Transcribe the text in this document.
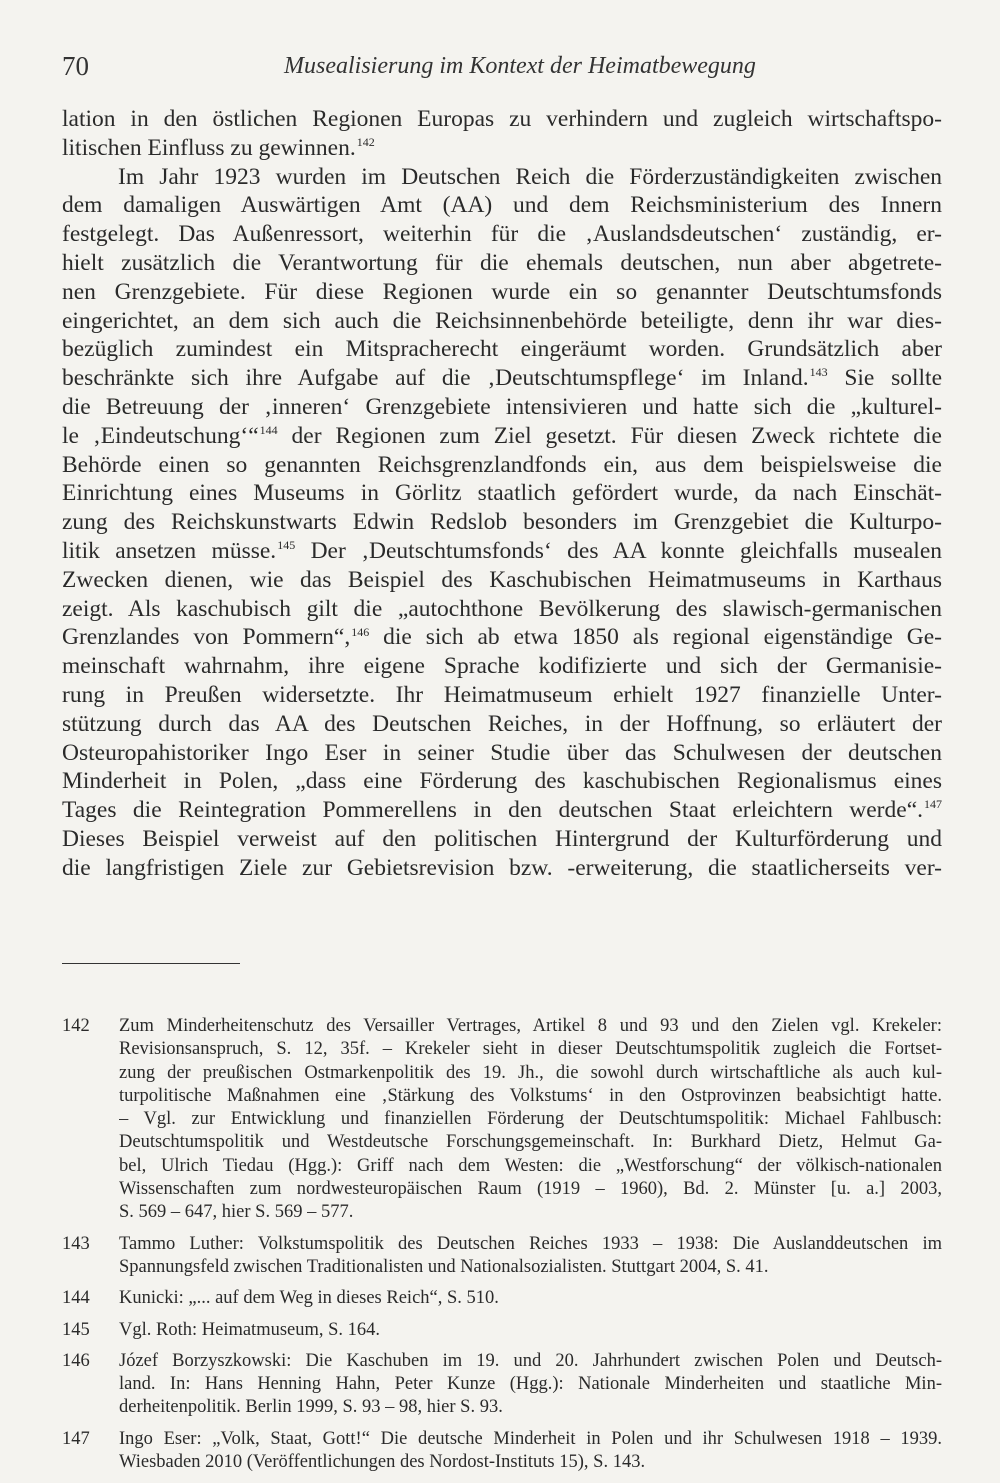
70	Musealisierung im Kontext der Heimatbewegung
lation in den östlichen Regionen Europas zu verhindern und zugleich wirtschaftspo-
litischen Einfluss zu gewinnen.$^{142}$
Im Jahr 1923 wurden im Deutschen Reich die Förderzuständigkeiten zwischen
dem damaligen Auswärtigen Amt (AA) und dem Reichsministerium des Innern
festgelegt. Das Außenressort, weiterhin für die ‚Auslandsdeutschen‘ zuständig, er-
hielt zusätzlich die Verantwortung für die ehemals deutschen, nun aber abgetrete-
nen Grenzgebiete. Für diese Regionen wurde ein so genannter Deutschtumsfonds
eingerichtet, an dem sich auch die Reichsinnenbehörde beteiligte, denn ihr war dies-
bezüglich zumindest ein Mitspracherecht eingeräumt worden. Grundsätzlich aber
beschränkte sich ihre Aufgabe auf die ‚Deutschtumspflege‘ im Inland.$^{143}$ Sie sollte
die Betreuung der ‚inneren‘ Grenzgebiete intensivieren und hatte sich die „kulturel-
le ‚Eindeutschung‘“$^{144}$ der Regionen zum Ziel gesetzt. Für diesen Zweck richtete die
Behörde einen so genannten Reichsgrenzlandfonds ein, aus dem beispielsweise die
Einrichtung eines Museums in Görlitz staatlich gefördert wurde, da nach Einschät-
zung des Reichskunstwarts Edwin Redslob besonders im Grenzgebiet die Kulturpo-
litik ansetzen müsse.$^{145}$ Der ‚Deutschtumsfonds‘ des AA konnte gleichfalls musealen
Zwecken dienen, wie das Beispiel des Kaschubischen Heimatmuseums in Karthaus
zeigt. Als kaschubisch gilt die „autochthone Bevölkerung des slawisch-germanischen
Grenzlandes von Pommern“,$^{146}$ die sich ab etwa 1850 als regional eigenständige Ge-
meinschaft wahrnahm, ihre eigene Sprache kodifizierte und sich der Germanisie-
rung in Preußen widersetzte. Ihr Heimatmuseum erhielt 1927 finanzielle Unter-
stützung durch das AA des Deutschen Reiches, in der Hoffnung, so erläutert der
Osteuropahistoriker Ingo Eser in seiner Studie über das Schulwesen der deutschen
Minderheit in Polen, „dass eine Förderung des kaschubischen Regionalismus eines
Tages die Reintegration Pommerellens in den deutschen Staat erleichtern werde“.$^{147}$
Dieses Beispiel verweist auf den politischen Hintergrund der Kulturförderung und
die langfristigen Ziele zur Gebietsrevision bzw. -erweiterung, die staatlicherseits ver-
142	Zum Minderheitenschutz des Versailler Vertrages, Artikel 8 und 93 und den Zielen vgl. Krekeler:
Revisionsanspruch, S. 12, 35f. – Krekeler sieht in dieser Deutschtumspolitik zugleich die Fortset-
zung der preußischen Ostmarkenpolitik des 19. Jh., die sowohl durch wirtschaftliche als auch kul-
turpolitische Maßnahmen eine ‚Stärkung des Volkstums‘ in den Ostprovinzen beabsichtigt hatte.
– Vgl. zur Entwicklung und finanziellen Förderung der Deutschtumspolitik: Michael Fahlbusch:
Deutschtumspolitik und Westdeutsche Forschungsgemeinschaft. In: Burkhard Dietz, Helmut Ga-
bel, Ulrich Tiedau (Hgg.): Griff nach dem Westen: die „Westforschung“ der völkisch-nationalen
Wissenschaften zum nordwesteuropäischen Raum (1919 – 1960), Bd. 2. Münster [u. a.] 2003,
S. 569 – 647, hier S. 569 – 577.
143	Tammo Luther: Volkstumspolitik des Deutschen Reiches 1933 – 1938: Die Auslanddeutschen im
Spannungsfeld zwischen Traditionalisten und Nationalsozialisten. Stuttgart 2004, S. 41.
144	Kunicki: „... auf dem Weg in dieses Reich“, S. 510.
145	Vgl. Roth: Heimatmuseum, S. 164.
146	Józef Borzyszkowski: Die Kaschuben im 19. und 20. Jahrhundert zwischen Polen und Deutsch-
land. In: Hans Henning Hahn, Peter Kunze (Hgg.): Nationale Minderheiten und staatliche Min-
derheitenpolitik. Berlin 1999, S. 93 – 98, hier S. 93.
147	Ingo Eser: „Volk, Staat, Gott!“ Die deutsche Minderheit in Polen und ihr Schulwesen 1918 – 1939.
Wiesbaden 2010 (Veröffentlichungen des Nordost-Instituts 15), S. 143.
